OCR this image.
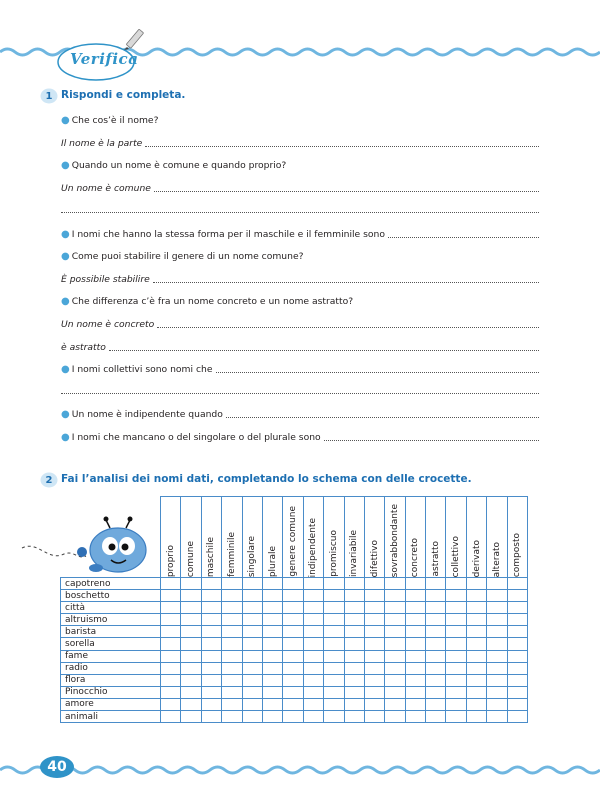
Verifica
1 Rispondi e completa.
● Che cos’è il nome?
Il nome è la parte
● Quando un nome è comune e quando proprio?
Un nome è comune
● I nomi che hanno la stessa forma per il maschile e il femminile sono
● Come puoi stabilire il genere di un nome comune?
È possibile stabilire
● Che differenza c’è fra un nome concreto e un nome astratto?
Un nome è concreto
è astratto
● I nomi collettivi sono nomi che
● Un nome è indipendente quando
● I nomi che mancano o del singolare o del plurale sono
2 Fai l’analisi dei nomi dati, completando lo schema con delle crocette.

	proprio	comune	maschile	femminile	singolare	plurale	genere comune	indipendente	promiscuo	invariabile	difettivo	sovrabbondante	concreto	astratto	collettivo	derivato	alterato	composto

capotreno																		
boschetto																		
città																		
altruismo																		
barista																		
sorella																		
fame																		
radio																		
flora																		
Pinocchio																		
amore																		
animali																		
40
